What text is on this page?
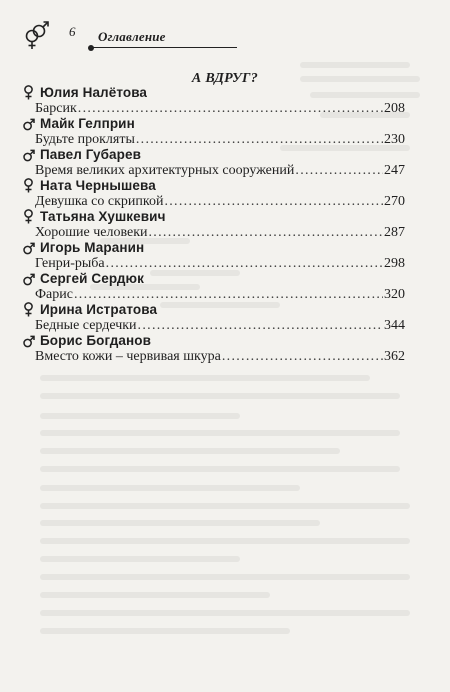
6 Оглавление
А ВДРУГ?
Юлия Налётова
Барсик .....	208
Майк Гелприн
Будьте прокляты .....	230
Павел Губарев
Время великих архитектурных сооружений .....	247
Ната Чернышева
Девушка со скрипкой .....	270
Татьяна Хушкевич
Хорошие человеки .....	287
Игорь Маранин
Генри-рыба .....	298
Сергей Сердюк
Фарис .....	320
Ирина Истратова
Бедные сердечки .....	344
Борис Богданов
Вместо кожи – червивая шкура .....	362
